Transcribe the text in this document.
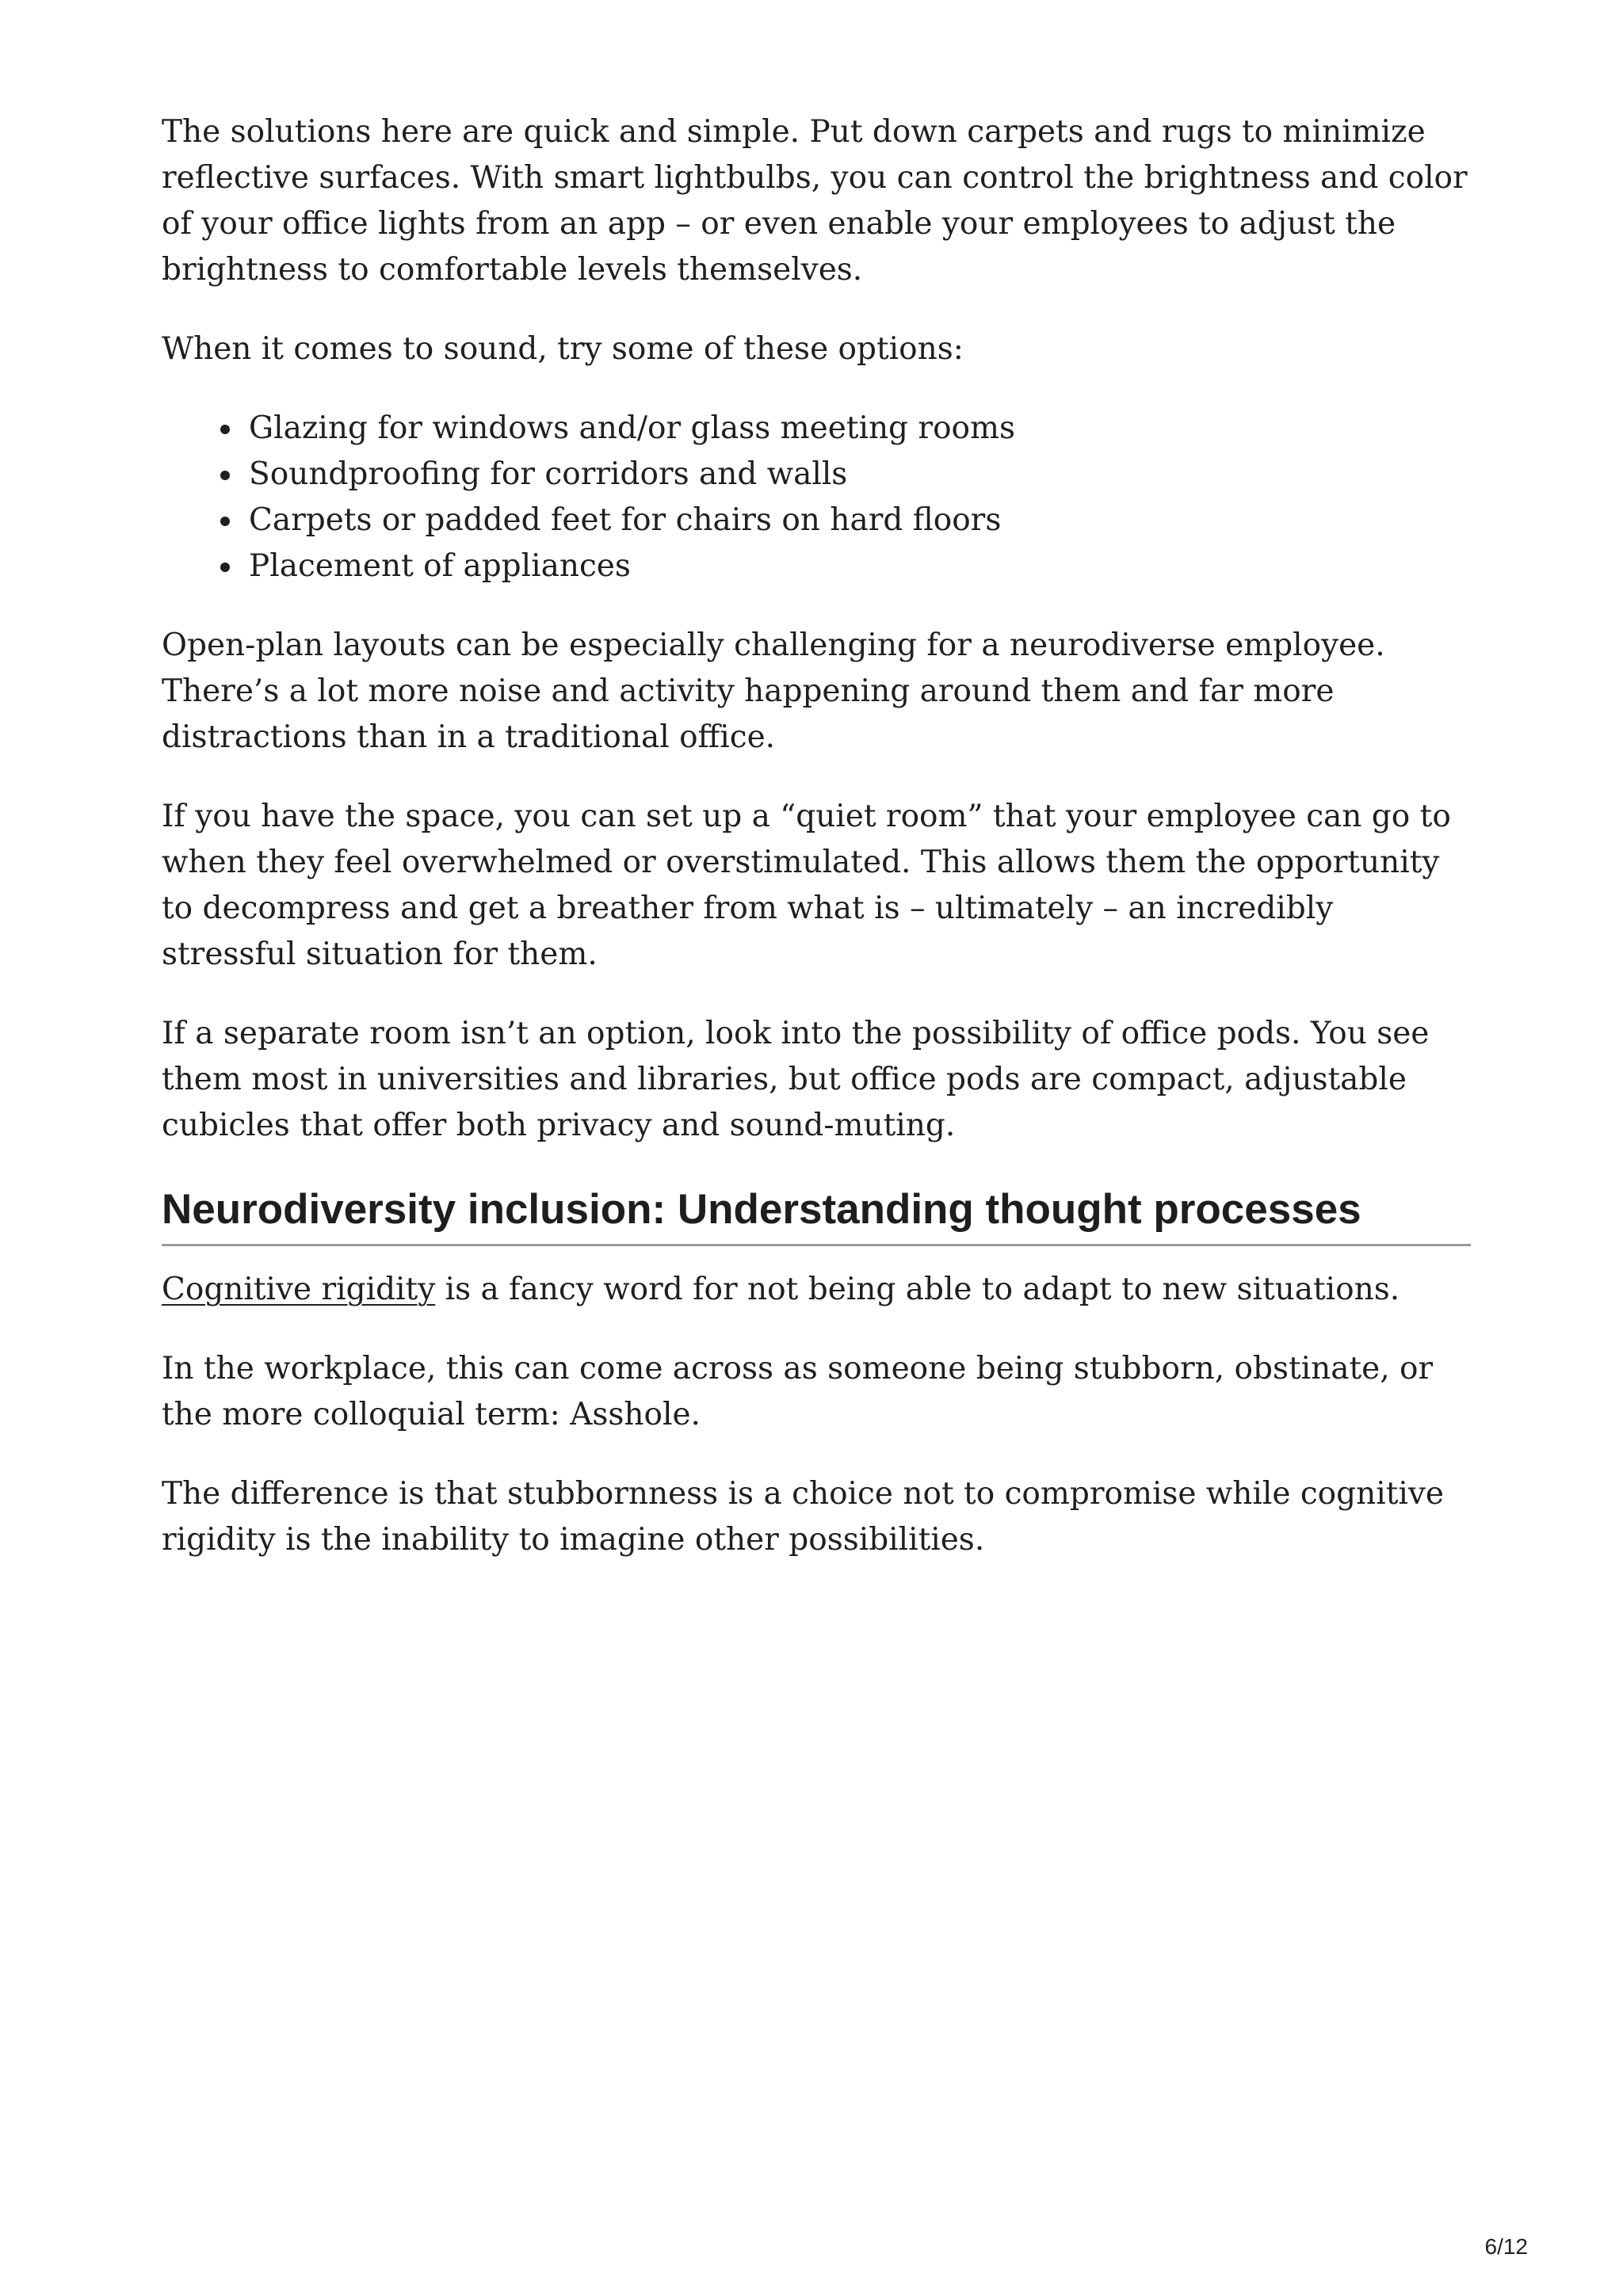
The solutions here are quick and simple. Put down carpets and rugs to minimize reflective surfaces. With smart lightbulbs, you can control the brightness and color of your office lights from an app – or even enable your employees to adjust the brightness to comfortable levels themselves.

When it comes to sound, try some of these options:

• Glazing for windows and/or glass meeting rooms
• Soundproofing for corridors and walls
• Carpets or padded feet for chairs on hard floors
• Placement of appliances

Open-plan layouts can be especially challenging for a neurodiverse employee. There’s a lot more noise and activity happening around them and far more distractions than in a traditional office.

If you have the space, you can set up a “quiet room” that your employee can go to when they feel overwhelmed or overstimulated. This allows them the opportunity to decompress and get a breather from what is – ultimately – an incredibly stressful situation for them.

If a separate room isn’t an option, look into the possibility of office pods. You see them most in universities and libraries, but office pods are compact, adjustable cubicles that offer both privacy and sound-muting.

Neurodiversity inclusion: Understanding thought processes

Cognitive rigidity is a fancy word for not being able to adapt to new situations.

In the workplace, this can come across as someone being stubborn, obstinate, or the more colloquial term: Asshole.

The difference is that stubbornness is a choice not to compromise while cognitive rigidity is the inability to imagine other possibilities.

6/12
